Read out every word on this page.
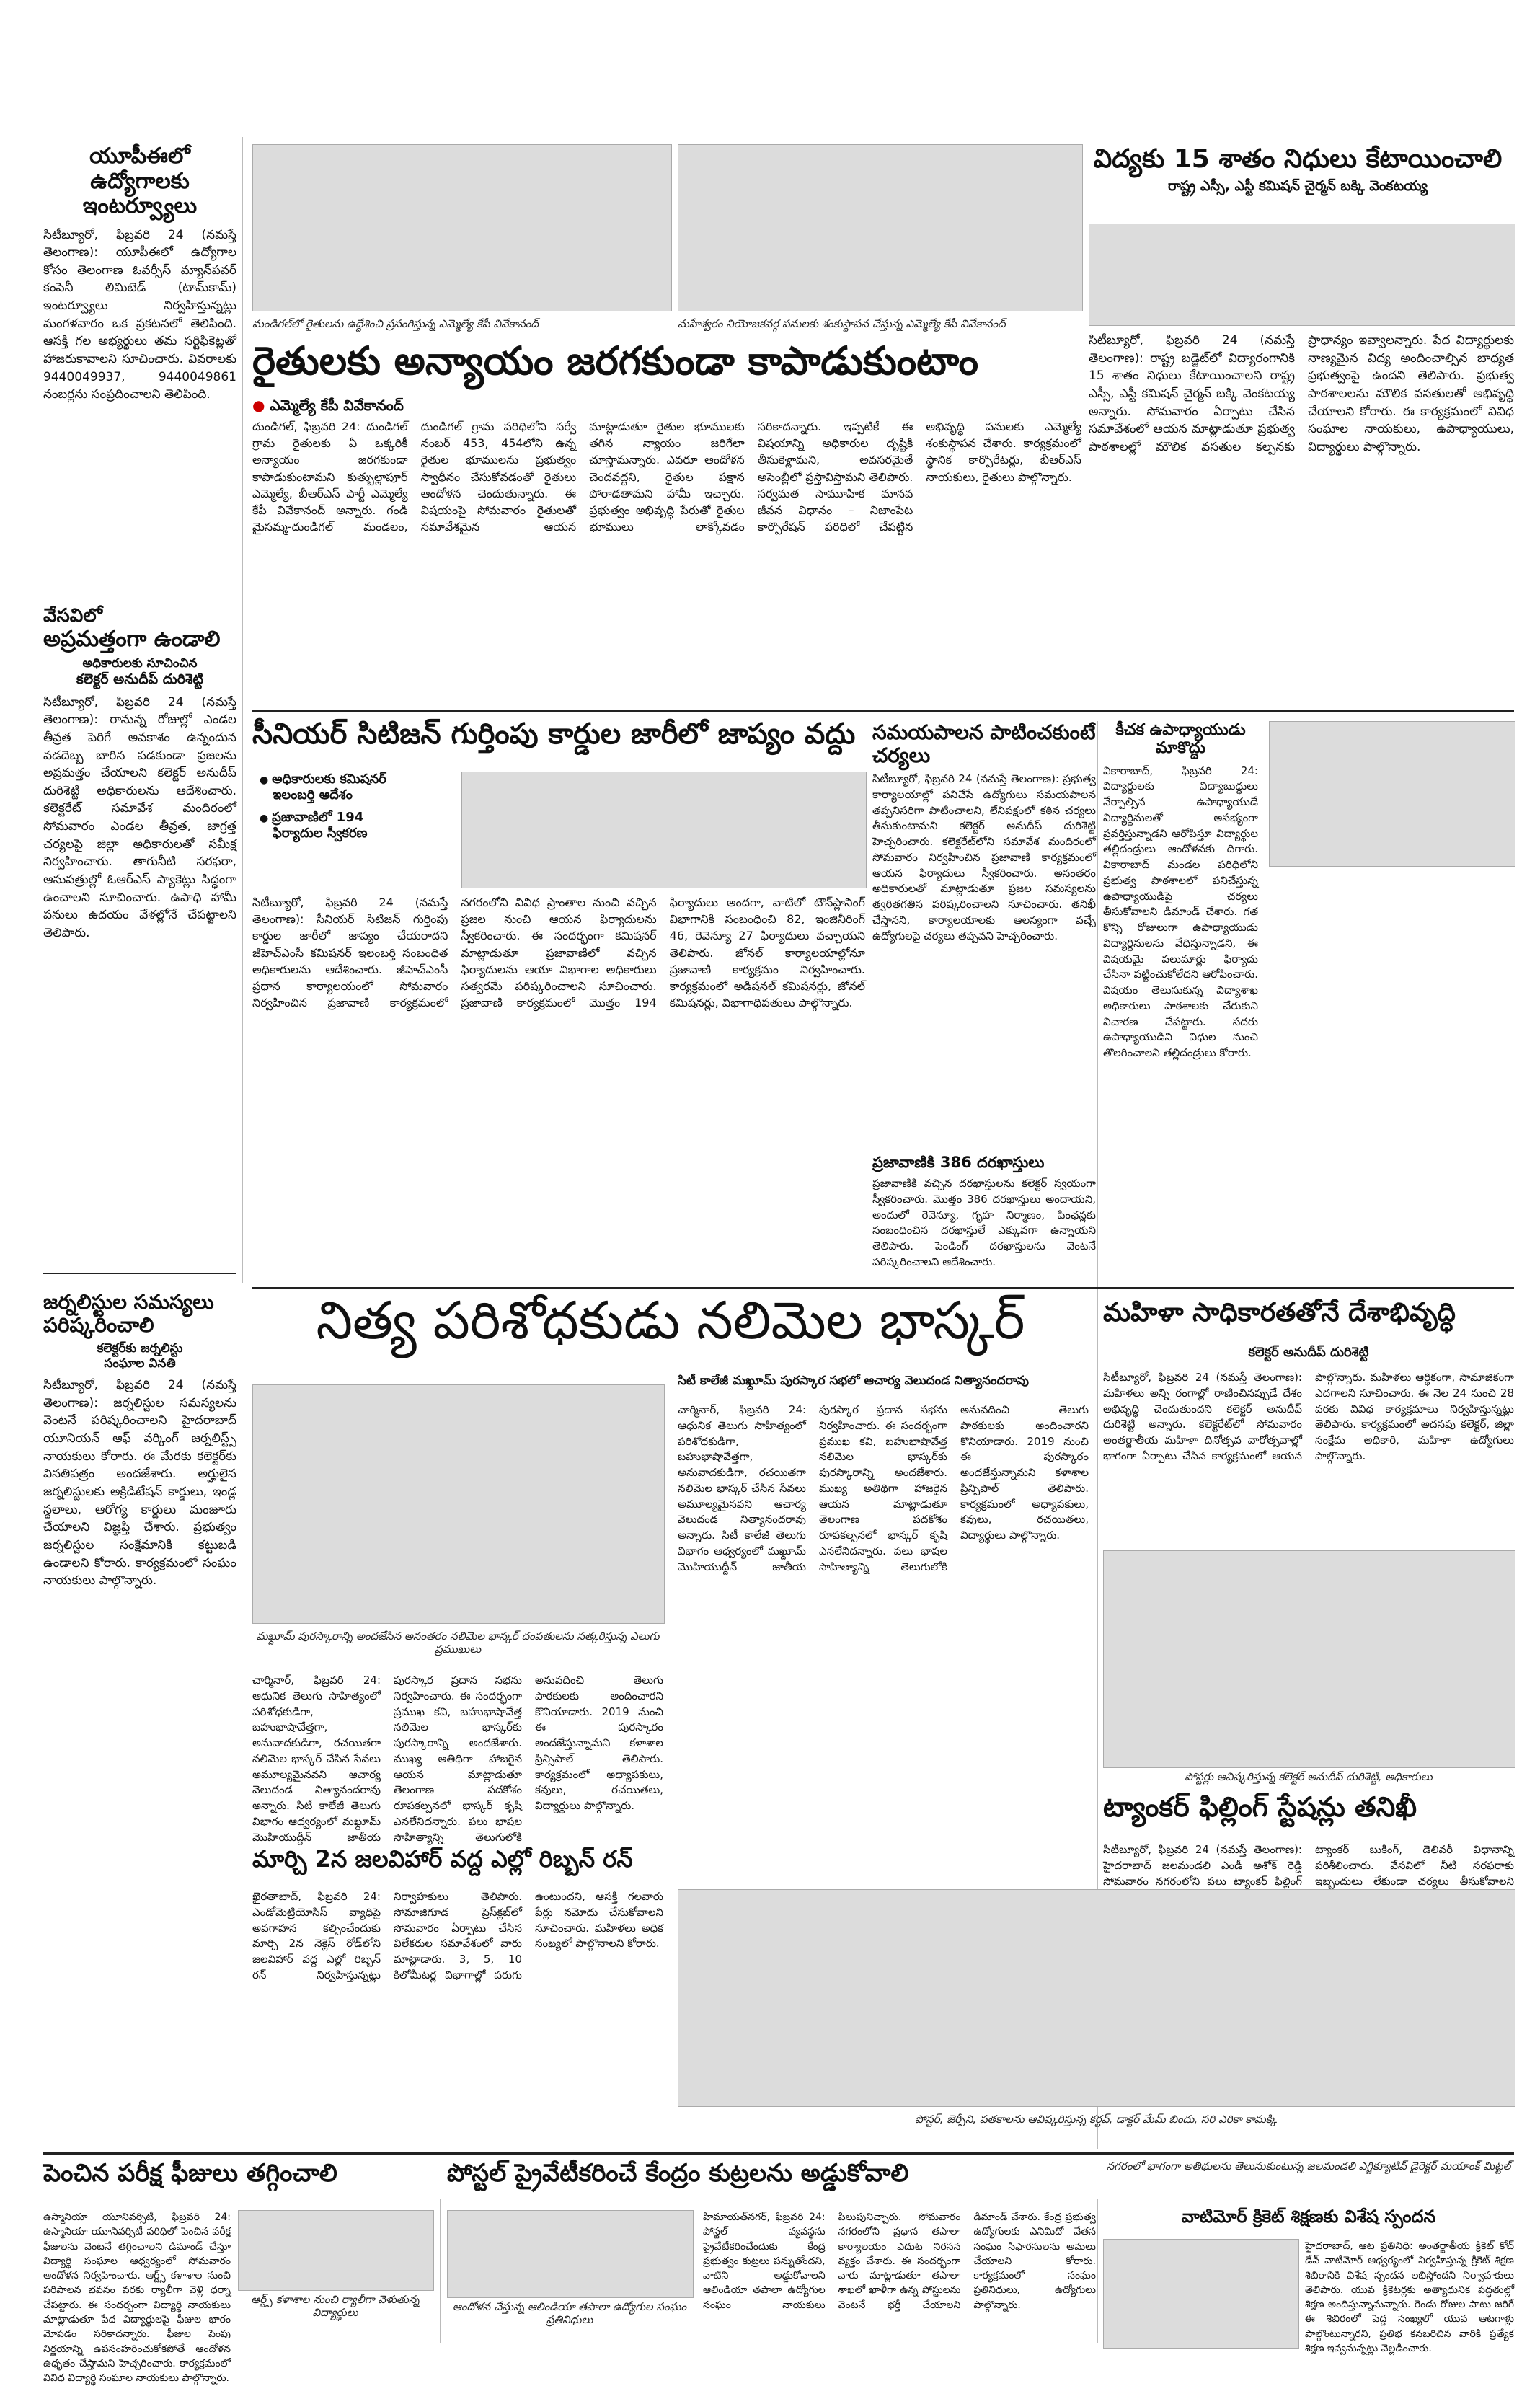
యూపీఈలో ఉద్యోగాలకు ఇంటర్వ్యూలు
సిటీబ్యూరో, ఫిబ్రవరి 24 (నమస్తే తెలంగాణ): యూపీఈలో ఉద్యోగాల కోసం తెలంగాణ ఓవర్సీస్ మ్యాన్‌పవర్ కంపెనీ లిమిటెడ్ (టామ్‌కామ్) ఇంటర్వ్యూలు నిర్వహిస్తున్నట్లు మంగళవారం ఒక ప్రకటనలో తెలిపింది. ఆసక్తి గల అభ్యర్థులు తమ సర్టిఫికెట్లతో హాజరుకావాలని సూచించారు. వివరాలకు 9440049937, 9440049861 నంబర్లను సంప్రదించాలని తెలిపింది.
వేసవిలో
అప్రమత్తంగా ఉండాలి
అధికారులకు సూచించిన
కలెక్టర్ అనుదీప్ దురిశెట్టి
సిటీబ్యూరో, ఫిబ్రవరి 24 (నమస్తే తెలంగాణ): రానున్న రోజుల్లో ఎండల తీవ్రత పెరిగే అవకాశం ఉన్నందున వడదెబ్బ బారిన పడకుండా ప్రజలను అప్రమత్తం చేయాలని కలెక్టర్ అనుదీప్ దురిశెట్టి అధికారులను ఆదేశించారు. కలెక్టరేట్ సమావేశ మందిరంలో సోమవారం ఎండల తీవ్రత, జాగ్రత్త చర్యలపై జిల్లా అధికారులతో సమీక్ష నిర్వహించారు. తాగునీటి సరఫరా, ఆసుపత్రుల్లో ఓఆర్ఎస్ ప్యాకెట్లు సిద్ధంగా ఉంచాలని సూచించారు. ఉపాధి హామీ పనులు ఉదయం వేళల్లోనే చేపట్టాలని తెలిపారు.
జర్నలిస్టుల సమస్యలు పరిష్కరించాలి
కలెక్టర్‌కు జర్నలిస్టు
సంఘాల వినతి
సిటీబ్యూరో, ఫిబ్రవరి 24 (నమస్తే తెలంగాణ): జర్నలిస్టుల సమస్యలను వెంటనే పరిష్కరించాలని హైదరాబాద్ యూనియన్ ఆఫ్ వర్కింగ్ జర్నలిస్ట్స్ నాయకులు కోరారు. ఈ మేరకు కలెక్టర్‌కు వినతిపత్రం అందజేశారు. అర్హులైన జర్నలిస్టులకు అక్రిడిటేషన్ కార్డులు, ఇండ్ల స్థలాలు, ఆరోగ్య కార్డులు మంజూరు చేయాలని విజ్ఞప్తి చేశారు. ప్రభుత్వం జర్నలిస్టుల సంక్షేమానికి కట్టుబడి ఉండాలని కోరారు. కార్యక్రమంలో సంఘం నాయకులు పాల్గొన్నారు.
విద్యకు 15 శాతం నిధులు కేటాయించాలి
రాష్ట్ర ఎస్సీ, ఎస్టీ కమిషన్ చైర్మన్ బక్కి వెంకటయ్య
సిటీబ్యూరో, ఫిబ్రవరి 24 (నమస్తే తెలంగాణ): రాష్ట్ర బడ్జెట్‌లో విద్యారంగానికి 15 శాతం నిధులు కేటాయించాలని రాష్ట్ర ఎస్సీ, ఎస్టీ కమిషన్ చైర్మన్ బక్కి వెంకటయ్య అన్నారు. సోమవారం ఏర్పాటు చేసిన సమావేశంలో ఆయన మాట్లాడుతూ ప్రభుత్వ పాఠశాలల్లో మౌలిక వసతుల కల్పనకు ప్రాధాన్యం ఇవ్వాలన్నారు. పేద విద్యార్థులకు నాణ్యమైన విద్య అందించాల్సిన బాధ్యత ప్రభుత్వంపై ఉందని తెలిపారు. ప్రభుత్వ పాఠశాలలను మౌలిక వసతులతో అభివృద్ధి చేయాలని కోరారు. ఈ కార్యక్రమంలో వివిధ సంఘాల నాయకులు, ఉపాధ్యాయులు, విద్యార్థులు పాల్గొన్నారు.
మండిగల్‌లో రైతులను ఉద్దేశించి ప్రసంగిస్తున్న ఎమ్మెల్యే కేపీ వివేకానంద్	మహేశ్వరం నియోజకవర్గ పనులకు శంకుస్థాపన చేస్తున్న ఎమ్మెల్యే కేపీ వివేకానంద్
రైతులకు అన్యాయం జరగకుండా కాపాడుకుంటాం
● ఎమ్మెల్యే కేపీ వివేకానంద్
దుండిగల్, ఫిబ్రవరి 24: దుండిగల్ గ్రామ రైతులకు ఏ ఒక్కరికీ అన్యాయం జరగకుండా కాపాడుకుంటామని కుత్బుల్లాపూర్ ఎమ్మెల్యే, బీఆర్ఎస్ పార్టీ ఎమ్మెల్యే కేపీ వివేకానంద్ అన్నారు. గండి మైసమ్మ-దుండిగల్ మండలం, దుండిగల్ గ్రామ పరిధిలోని సర్వే నంబర్ 453, 454లోని ఉన్న రైతుల భూములను ప్రభుత్వం స్వాధీనం చేసుకోవడంతో రైతులు ఆందోళన చెందుతున్నారు. ఈ విషయంపై సోమవారం రైతులతో సమావేశమైన ఆయన మాట్లాడుతూ రైతుల భూములకు తగిన న్యాయం జరిగేలా చూస్తామన్నారు. ఎవరూ ఆందోళన చెందవద్దని, రైతుల పక్షాన పోరాడతామని హామీ ఇచ్చారు. ప్రభుత్వం అభివృద్ధి పేరుతో రైతుల భూములు లాక్కోవడం సరికాదన్నారు. ఇప్పటికే ఈ విషయాన్ని అధికారుల దృష్టికి తీసుకెళ్లామని, అవసరమైతే అసెంబ్లీలో ప్రస్తావిస్తామని తెలిపారు. సర్వమత సామూహిక మానవ జీవన విధానం – నిజాంపేట కార్పొరేషన్ పరిధిలో చేపట్టిన అభివృద్ధి పనులకు ఎమ్మెల్యే శంకుస్థాపన చేశారు. కార్యక్రమంలో స్థానిక కార్పొరేటర్లు, బీఆర్ఎస్ నాయకులు, రైతులు పాల్గొన్నారు.
సీనియర్ సిటిజన్ గుర్తింపు కార్డుల జారీలో జాప్యం వద్దు
● అధికారులకు కమిషనర్
ఇలంబర్తి ఆదేశం
● ప్రజావాణిలో 194
ఫిర్యాదుల స్వీకరణ
సిటీబ్యూరో, ఫిబ్రవరి 24 (నమస్తే తెలంగాణ): సీనియర్ సిటిజన్ గుర్తింపు కార్డుల జారీలో జాప్యం చేయరాదని జీహెచ్ఎంసీ కమిషనర్ ఇలంబర్తి సంబంధిత అధికారులను ఆదేశించారు. జీహెచ్ఎంసీ ప్రధాన కార్యాలయంలో సోమవారం నిర్వహించిన ప్రజావాణి కార్యక్రమంలో నగరంలోని వివిధ ప్రాంతాల నుంచి వచ్చిన ప్రజల నుంచి ఆయన ఫిర్యాదులను స్వీకరించారు. ఈ సందర్భంగా కమిషనర్ మాట్లాడుతూ ప్రజావాణిలో వచ్చిన ఫిర్యాదులను ఆయా విభాగాల అధికారులు సత్వరమే పరిష్కరించాలని సూచించారు. ప్రజావాణి కార్యక్రమంలో మొత్తం 194 ఫిర్యాదులు అందగా, వాటిలో టౌన్‌ప్లానింగ్ విభాగానికి సంబంధించి 82, ఇంజినీరింగ్ 46, రెవెన్యూ 27 ఫిర్యాదులు వచ్చాయని తెలిపారు. జోనల్ కార్యాలయాల్లోనూ ప్రజావాణి కార్యక్రమం నిర్వహించారు. కార్యక్రమంలో అడిషనల్ కమిషనర్లు, జోనల్ కమిషనర్లు, విభాగాధిపతులు పాల్గొన్నారు.
సమయపాలన పాటించకుంటే చర్యలు
సిటీబ్యూరో, ఫిబ్రవరి 24 (నమస్తే తెలంగాణ): ప్రభుత్వ కార్యాలయాల్లో పనిచేసే ఉద్యోగులు సమయపాలన తప్పనిసరిగా పాటించాలని, లేనిపక్షంలో కఠిన చర్యలు తీసుకుంటామని కలెక్టర్ అనుదీప్ దురిశెట్టి హెచ్చరించారు. కలెక్టరేట్‌లోని సమావేశ మందిరంలో సోమవారం నిర్వహించిన ప్రజావాణి కార్యక్రమంలో ఆయన ఫిర్యాదులు స్వీకరించారు. అనంతరం అధికారులతో మాట్లాడుతూ ప్రజల సమస్యలను త్వరితగతిన పరిష్కరించాలని సూచించారు. తనిఖీ చేస్తానని, కార్యాలయాలకు ఆలస్యంగా వచ్చే ఉద్యోగులపై చర్యలు తప్పవని హెచ్చరించారు.
ప్రజావాణికి 386 దరఖాస్తులు
ప్రజావాణికి వచ్చిన దరఖాస్తులను కలెక్టర్ స్వయంగా స్వీకరించారు. మొత్తం 386 దరఖాస్తులు అందాయని, అందులో రెవెన్యూ, గృహ నిర్మాణం, పింఛన్లకు సంబంధించిన దరఖాస్తులే ఎక్కువగా ఉన్నాయని తెలిపారు. పెండింగ్ దరఖాస్తులను వెంటనే పరిష్కరించాలని ఆదేశించారు.
కీచక ఉపాధ్యాయుడు
మాకొద్దు
వికారాబాద్, ఫిబ్రవరి 24: విద్యార్థులకు విద్యాబుద్ధులు నేర్పాల్సిన ఉపాధ్యాయుడే విద్యార్థినులతో అసభ్యంగా ప్రవర్తిస్తున్నాడని ఆరోపిస్తూ విద్యార్థుల తల్లిదండ్రులు ఆందోళనకు దిగారు. వికారాబాద్ మండల పరిధిలోని ప్రభుత్వ పాఠశాలలో పనిచేస్తున్న ఉపాధ్యాయుడిపై చర్యలు తీసుకోవాలని డిమాండ్ చేశారు. గత కొన్ని రోజులుగా ఉపాధ్యాయుడు విద్యార్థినులను వేధిస్తున్నాడని, ఈ విషయమై పలుమార్లు ఫిర్యాదు చేసినా పట్టించుకోలేదని ఆరోపించారు. విషయం తెలుసుకున్న విద్యాశాఖ అధికారులు పాఠశాలకు చేరుకుని విచారణ చేపట్టారు. సదరు ఉపాధ్యాయుడిని విధుల నుంచి తొలగించాలని తల్లిదండ్రులు కోరారు.
నిత్య పరిశోధకుడు నలిమెల భాస్కర్
సిటీ కాలేజీ మఖ్దూమ్ పురస్కార సభలో ఆచార్య వెలుదండ నిత్యానందరావు
మఖ్దూమ్ పురస్కారాన్ని అందజేసిన అనంతరం నలిమెల భాస్కర్ దంపతులను సత్కరిస్తున్న ఎలుగు ప్రముఖులు
చార్మినార్, ఫిబ్రవరి 24: ఆధునిక తెలుగు సాహిత్యంలో పరిశోధకుడిగా, బహుభాషావేత్తగా, అనువాదకుడిగా, రచయితగా నలిమెల భాస్కర్ చేసిన సేవలు అమూల్యమైనవని ఆచార్య వెలుదండ నిత్యానందరావు అన్నారు. సిటీ కాలేజీ తెలుగు విభాగం ఆధ్వర్యంలో మఖ్దూమ్ మొహియుద్దీన్ జాతీయ పురస్కార ప్రదాన సభను నిర్వహించారు. ఈ సందర్భంగా ప్రముఖ కవి, బహుభాషావేత్త నలిమెల భాస్కర్‌కు పురస్కారాన్ని అందజేశారు. ముఖ్య అతిథిగా హాజరైన ఆయన మాట్లాడుతూ తెలంగాణ పదకోశం రూపకల్పనలో భాస్కర్ కృషి ఎనలేనిదన్నారు. పలు భాషల సాహిత్యాన్ని తెలుగులోకి అనువదించి తెలుగు పాఠకులకు అందించారని కొనియాడారు. 2019 నుంచి ఈ పురస్కారం అందజేస్తున్నామని కళాశాల ప్రిన్సిపాల్ తెలిపారు. కార్యక్రమంలో అధ్యాపకులు, కవులు, రచయితలు, విద్యార్థులు పాల్గొన్నారు.
చార్మినార్, ఫిబ్రవరి 24: ఆధునిక తెలుగు సాహిత్యంలో పరిశోధకుడిగా, బహుభాషావేత్తగా, అనువాదకుడిగా, రచయితగా నలిమెల భాస్కర్ చేసిన సేవలు అమూల్యమైనవని ఆచార్య వెలుదండ నిత్యానందరావు అన్నారు. సిటీ కాలేజీ తెలుగు విభాగం ఆధ్వర్యంలో మఖ్దూమ్ మొహియుద్దీన్ జాతీయ పురస్కార ప్రదాన సభను నిర్వహించారు. ఈ సందర్భంగా ప్రముఖ కవి, బహుభాషావేత్త నలిమెల భాస్కర్‌కు పురస్కారాన్ని అందజేశారు. ముఖ్య అతిథిగా హాజరైన ఆయన మాట్లాడుతూ తెలంగాణ పదకోశం రూపకల్పనలో భాస్కర్ కృషి ఎనలేనిదన్నారు. పలు భాషల సాహిత్యాన్ని తెలుగులోకి అనువదించి తెలుగు పాఠకులకు అందించారని కొనియాడారు. 2019 నుంచి ఈ పురస్కారం అందజేస్తున్నామని కళాశాల ప్రిన్సిపాల్ తెలిపారు. కార్యక్రమంలో అధ్యాపకులు, కవులు, రచయితలు, విద్యార్థులు పాల్గొన్నారు.
మహిళా సాధికారతతోనే దేశాభివృద్ధి
కలెక్టర్ అనుదీప్ దురిశెట్టి
సిటీబ్యూరో, ఫిబ్రవరి 24 (నమస్తే తెలంగాణ): మహిళలు అన్ని రంగాల్లో రాణించినప్పుడే దేశం అభివృద్ధి చెందుతుందని కలెక్టర్ అనుదీప్ దురిశెట్టి అన్నారు. కలెక్టరేట్‌లో సోమవారం అంతర్జాతీయ మహిళా దినోత్సవ వారోత్సవాల్లో భాగంగా ఏర్పాటు చేసిన కార్యక్రమంలో ఆయన పాల్గొన్నారు. మహిళలు ఆర్థికంగా, సామాజికంగా ఎదగాలని సూచించారు. ఈ నెల 24 నుంచి 28 వరకు వివిధ కార్యక్రమాలు నిర్వహిస్తున్నట్లు తెలిపారు. కార్యక్రమంలో అదనపు కలెక్టర్, జిల్లా సంక్షేమ అధికారి, మహిళా ఉద్యోగులు పాల్గొన్నారు.
పోస్టర్లు ఆవిష్కరిస్తున్న కలెక్టర్ అనుదీప్ దురిశెట్టి, అధికారులు
ట్యాంకర్ ఫిల్లింగ్ స్టేషన్లు తనిఖీ
సిటీబ్యూరో, ఫిబ్రవరి 24 (నమస్తే తెలంగాణ): హైదరాబాద్ జలమండలి ఎండీ అశోక్ రెడ్డి సోమవారం నగరంలోని పలు ట్యాంకర్ ఫిల్లింగ్ ట్యాంకర్ బుకింగ్, డెలివరీ విధానాన్ని పరిశీలించారు. వేసవిలో నీటి సరఫరాకు ఇబ్బందులు లేకుండా చర్యలు తీసుకోవాలని
మార్చి 2న జలవిహార్ వద్ద ఎల్లో రిబ్బన్ రన్
ఖైరతాబాద్, ఫిబ్రవరి 24: ఎండోమెట్రియోసిస్ వ్యాధిపై అవగాహన కల్పించేందుకు మార్చి 2న నెక్లెస్ రోడ్‌లోని జలవిహార్ వద్ద ఎల్లో రిబ్బన్ రన్ నిర్వహిస్తున్నట్లు నిర్వాహకులు తెలిపారు. సోమాజిగూడ ప్రెస్‌క్లబ్‌లో సోమవారం ఏర్పాటు చేసిన విలేకరుల సమావేశంలో వారు మాట్లాడారు. 3, 5, 10 కిలోమీటర్ల విభాగాల్లో పరుగు ఉంటుందని, ఆసక్తి గలవారు పేర్లు నమోదు చేసుకోవాలని సూచించారు. మహిళలు అధిక సంఖ్యలో పాల్గొనాలని కోరారు.
పోస్టర్, జెర్సీని, పతకాలను ఆవిష్కరిస్తున్న కర్టవ్, డాక్టర్ మేమ్ బిందు, సరి ఎరికా కామక్కి
పెంచిన పరీక్ష ఫీజులు తగ్గించాలి
ఉస్మానియా యూనివర్సిటీ, ఫిబ్రవరి 24: ఉస్మానియా యూనివర్సిటీ పరిధిలో పెంచిన పరీక్ష ఫీజులను వెంటనే తగ్గించాలని డిమాండ్ చేస్తూ విద్యార్థి సంఘాల ఆధ్వర్యంలో సోమవారం ఆందోళన నిర్వహించారు. ఆర్ట్స్ కళాశాల నుంచి పరిపాలన భవనం వరకు ర్యాలీగా వెళ్లి ధర్నా చేపట్టారు. ఈ సందర్భంగా విద్యార్థి నాయకులు మాట్లాడుతూ పేద విద్యార్థులపై ఫీజుల భారం మోపడం సరికాదన్నారు. ఫీజుల పెంపు నిర్ణయాన్ని ఉపసంహరించుకోకపోతే ఆందోళన ఉధృతం చేస్తామని హెచ్చరించారు. కార్యక్రమంలో వివిధ విద్యార్థి సంఘాల నాయకులు పాల్గొన్నారు.
ఆర్ట్స్ కళాశాల నుంచి ర్యాలీగా వెళుతున్న విద్యార్థులు
పోస్టల్ ప్రైవేటీకరించే కేంద్రం కుట్రలను అడ్డుకోవాలి
ఆందోళన చేస్తున్న ఆలిండియా తపాలా ఉద్యోగుల సంఘం ప్రతినిధులు
హిమాయత్‌నగర్, ఫిబ్రవరి 24: పోస్టల్ వ్యవస్థను ప్రైవేటీకరించేందుకు కేంద్ర ప్రభుత్వం కుట్రలు పన్నుతోందని, వాటిని అడ్డుకోవాలని ఆలిండియా తపాలా ఉద్యోగుల సంఘం నాయకులు పిలుపునిచ్చారు. సోమవారం నగరంలోని ప్రధాన తపాలా కార్యాలయం ఎదుట నిరసన వ్యక్తం చేశారు. ఈ సందర్భంగా వారు మాట్లాడుతూ తపాలా శాఖలో ఖాళీగా ఉన్న పోస్టులను వెంటనే భర్తీ చేయాలని డిమాండ్ చేశారు. కేంద్ర ప్రభుత్వ ఉద్యోగులకు ఎనిమిదో వేతన సంఘం సిఫారసులను అమలు చేయాలని కోరారు. కార్యక్రమంలో సంఘం ప్రతినిధులు, ఉద్యోగులు పాల్గొన్నారు.
నగరంలో భాగంగా అతిథులను తెలుసుకుంటున్న జలమండలి ఎగ్జిక్యూటివ్ డైరెక్టర్ మయాంక్ మిట్టల్
వాటిమోర్ క్రికెట్ శిక్షణకు విశేష స్పందన
హైదరాబాద్, ఆట ప్రతినిధి: అంతర్జాతీయ క్రికెట్ కోచ్ డేవ్ వాటిమోర్ ఆధ్వర్యంలో నిర్వహిస్తున్న క్రికెట్ శిక్షణ శిబిరానికి విశేష స్పందన లభిస్తోందని నిర్వాహకులు తెలిపారు. యువ క్రికెటర్లకు అత్యాధునిక పద్ధతుల్లో శిక్షణ అందిస్తున్నామన్నారు. రెండు రోజుల పాటు జరిగే ఈ శిబిరంలో పెద్ద సంఖ్యలో యువ ఆటగాళ్లు పాల్గొంటున్నారని, ప్రతిభ కనబరిచిన వారికి ప్రత్యేక శిక్షణ ఇవ్వనున్నట్లు వెల్లడించారు.
